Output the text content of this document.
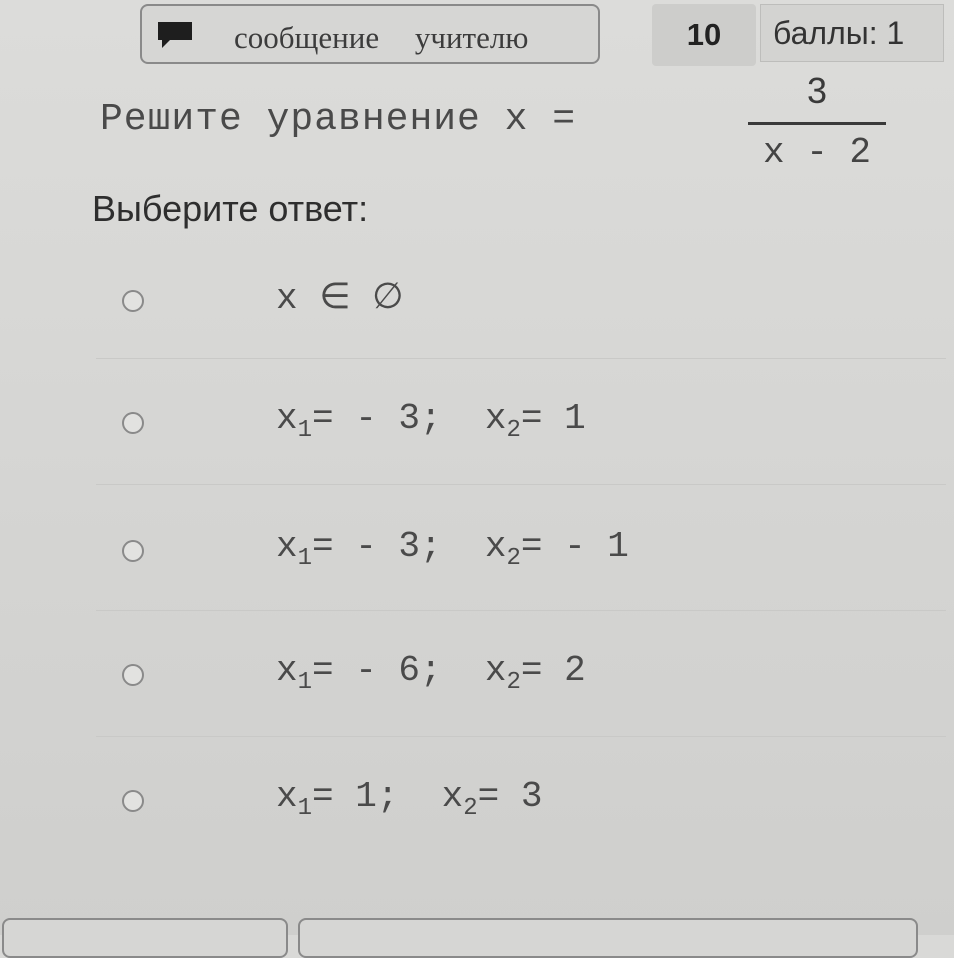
сообщение учителю	10	баллы: 1
Решите уравнение x =
3
x - 2
Выберите ответ:
x ∈ ∅
$x_1= - 3$;  $x_2= 1$
$x_1= - 3$;  $x_2= - 1$
$x_1= - 6$;  $x_2= 2$
$x_1= 1$;  $x_2= 3$
